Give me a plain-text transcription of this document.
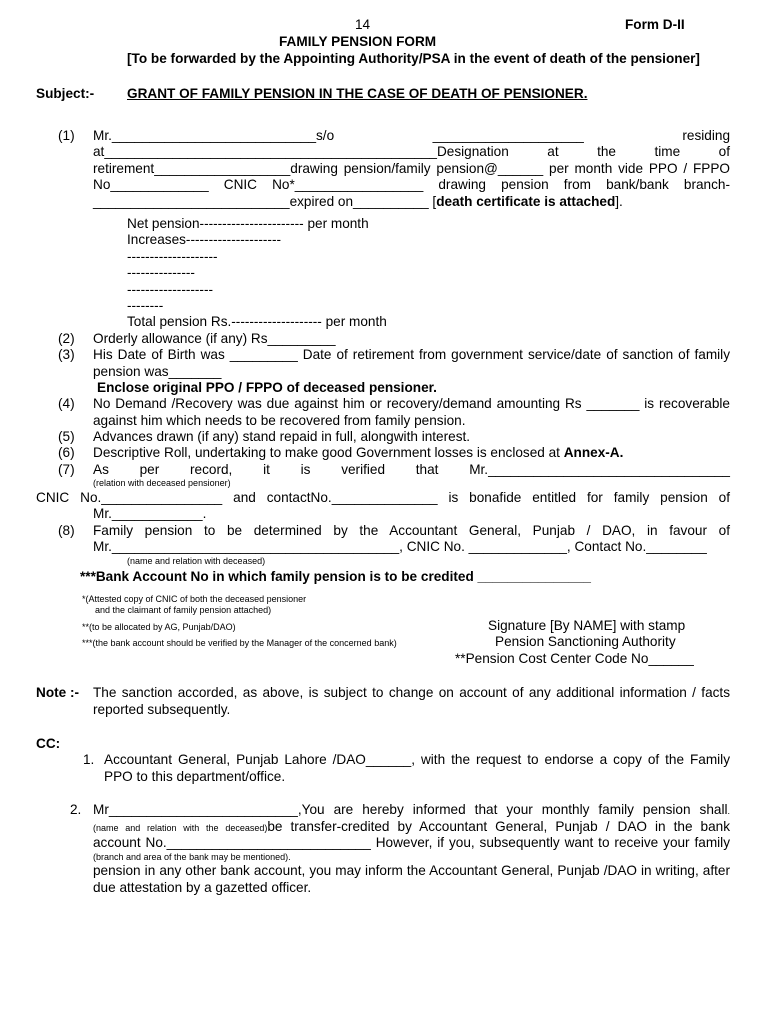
14	Form D-II
FAMILY PENSION FORM
[To be forwarded by the Appointing Authority/PSA in the event of death of the pensioner]
Subject:- GRANT OF FAMILY PENSION IN THE CASE OF DEATH OF PENSIONER.
(1) Mr.___________________________s/o ____________________ residing
at____________________________________________Designation at the time of
retirement__________________drawing pension/family pension@______ per month vide PPO / FPPO
No_____________ CNIC No*_________________ drawing pension from bank/bank branch-
__________________________expired on__________ [death certificate is attached].
Net pension----------------------- per month
Increases---------------------
--------------------
---------------
-------------------
--------
Total pension Rs.-------------------- per month
(2) Orderly allowance (if any) Rs_________
(3) His Date of Birth was _________ Date of retirement from government service/date of sanction of family pension was_______
Enclose original PPO / FPPO of deceased pensioner.
(4) No Demand /Recovery was due against him or recovery/demand amounting Rs _______ is recoverable against him which needs to be recovered from family pension.
(5) Advances drawn (if any) stand repaid in full, alongwith interest.
(6) Descriptive Roll, undertaking to make good Government losses is enclosed at Annex-A.
(7) As per record, it is verified that Mr.________________________________
(relation with deceased pensioner)
CNIC No.________________ and contactNo.______________ is bonafide entitled for family pension of
Mr.____________.
(8) Family pension to be determined by the Accountant General, Punjab / DAO, in favour of
Mr.______________________________________, CNIC No. _____________, Contact No.________
(name and relation with deceased)
***Bank Account No in which family pension is to be credited _______________
*(Attested copy of CNIC of both the deceased pensioner
and the claimant of family pension attached)
**(to be allocated by AG, Punjab/DAO)
***(the bank account should be verified by the Manager of the concerned bank)
Signature [By NAME] with stamp
Pension Sanctioning Authority
**Pension Cost Center Code No______
Note :- The sanction accorded, as above, is subject to change on account of any additional information / facts reported subsequently.
CC:
1. Accountant General, Punjab Lahore /DAO______, with the request to endorse a copy of the Family PPO to this department/office.
2. Mr_________________________,You are hereby informed that your monthly family pension shall.
(name and relation with the deceased)be transfer-credited by Accountant General, Punjab / DAO in the bank
account No.___________________________ However, if you, subsequently want to receive your family
(branch and area of the bank may be mentioned).
pension in any other bank account, you may inform the Accountant General, Punjab /DAO in writing, after due attestation by a gazetted officer.
